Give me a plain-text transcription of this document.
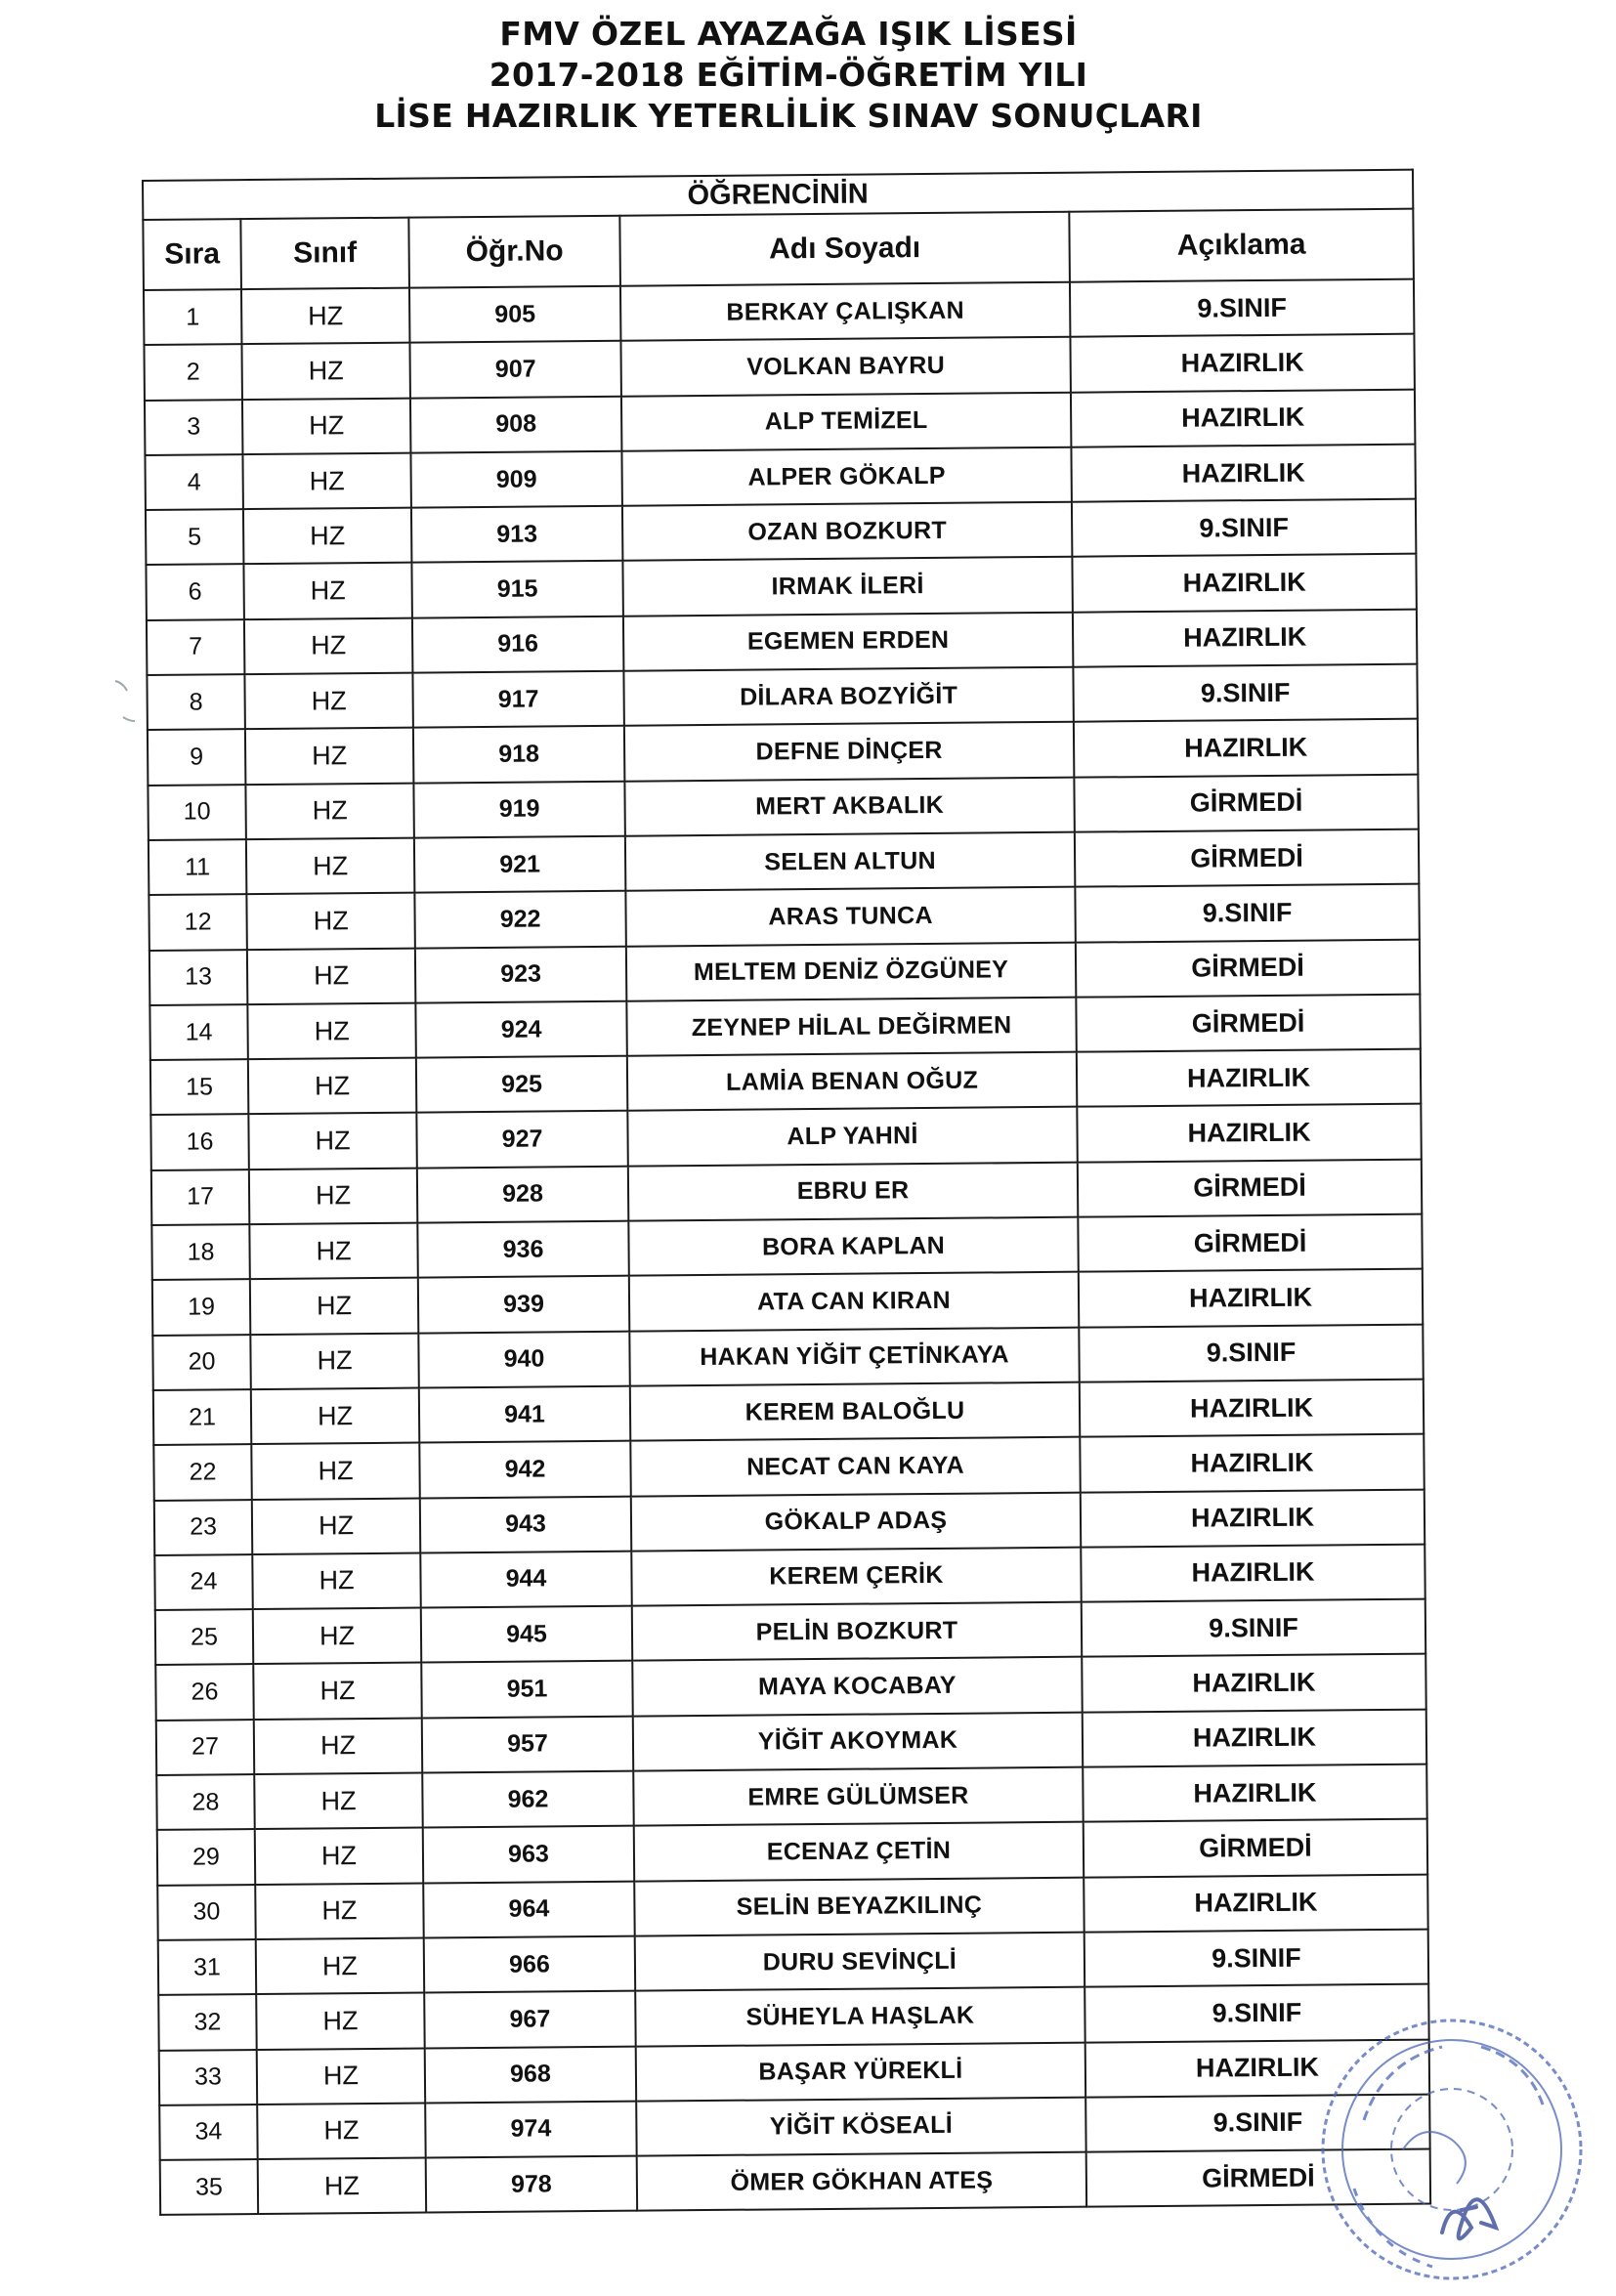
FMV ÖZEL AYAZAĞA IŞIK LİSESİ
2017-2018 EĞİTİM-ÖĞRETİM YILI
LİSE HAZIRLIK YETERLİLİK SINAV SONUÇLARI
ÖĞRENCİNİN				
Sıra	Sınıf	Öğr.No	Adı Soyadı	Açıklama
1	HZ	905	BERKAY ÇALIŞKAN	9.SINIF
2	HZ	907	VOLKAN BAYRU	HAZIRLIK
3	HZ	908	ALP TEMİZEL	HAZIRLIK
4	HZ	909	ALPER GÖKALP	HAZIRLIK
5	HZ	913	OZAN BOZKURT	9.SINIF
6	HZ	915	IRMAK İLERİ	HAZIRLIK
7	HZ	916	EGEMEN ERDEN	HAZIRLIK
8	HZ	917	DİLARA BOZYİĞİT	9.SINIF
9	HZ	918	DEFNE DİNÇER	HAZIRLIK
10	HZ	919	MERT AKBALIK	GİRMEDİ
11	HZ	921	SELEN ALTUN	GİRMEDİ
12	HZ	922	ARAS TUNCA	9.SINIF
13	HZ	923	MELTEM DENİZ ÖZGÜNEY	GİRMEDİ
14	HZ	924	ZEYNEP HİLAL DEĞİRMEN	GİRMEDİ
15	HZ	925	LAMİA BENAN OĞUZ	HAZIRLIK
16	HZ	927	ALP YAHNİ	HAZIRLIK
17	HZ	928	EBRU ER	GİRMEDİ
18	HZ	936	BORA KAPLAN	GİRMEDİ
19	HZ	939	ATA CAN KIRAN	HAZIRLIK
20	HZ	940	HAKAN YİĞİT ÇETİNKAYA	9.SINIF
21	HZ	941	KEREM BALOĞLU	HAZIRLIK
22	HZ	942	NECAT CAN KAYA	HAZIRLIK
23	HZ	943	GÖKALP ADAŞ	HAZIRLIK
24	HZ	944	KEREM ÇERİK	HAZIRLIK
25	HZ	945	PELİN BOZKURT	9.SINIF
26	HZ	951	MAYA KOCABAY	HAZIRLIK
27	HZ	957	YİĞİT AKOYMAK	HAZIRLIK
28	HZ	962	EMRE GÜLÜMSER	HAZIRLIK
29	HZ	963	ECENAZ ÇETİN	GİRMEDİ
30	HZ	964	SELİN BEYAZKILINÇ	HAZIRLIK
31	HZ	966	DURU SEVİNÇLİ	9.SINIF
32	HZ	967	SÜHEYLA HAŞLAK	9.SINIF
33	HZ	968	BAŞAR YÜREKLİ	HAZIRLIK
34	HZ	974	YİĞİT KÖSEALİ	9.SINIF
35	HZ	978	ÖMER GÖKHAN ATEŞ	GİRMEDİ
